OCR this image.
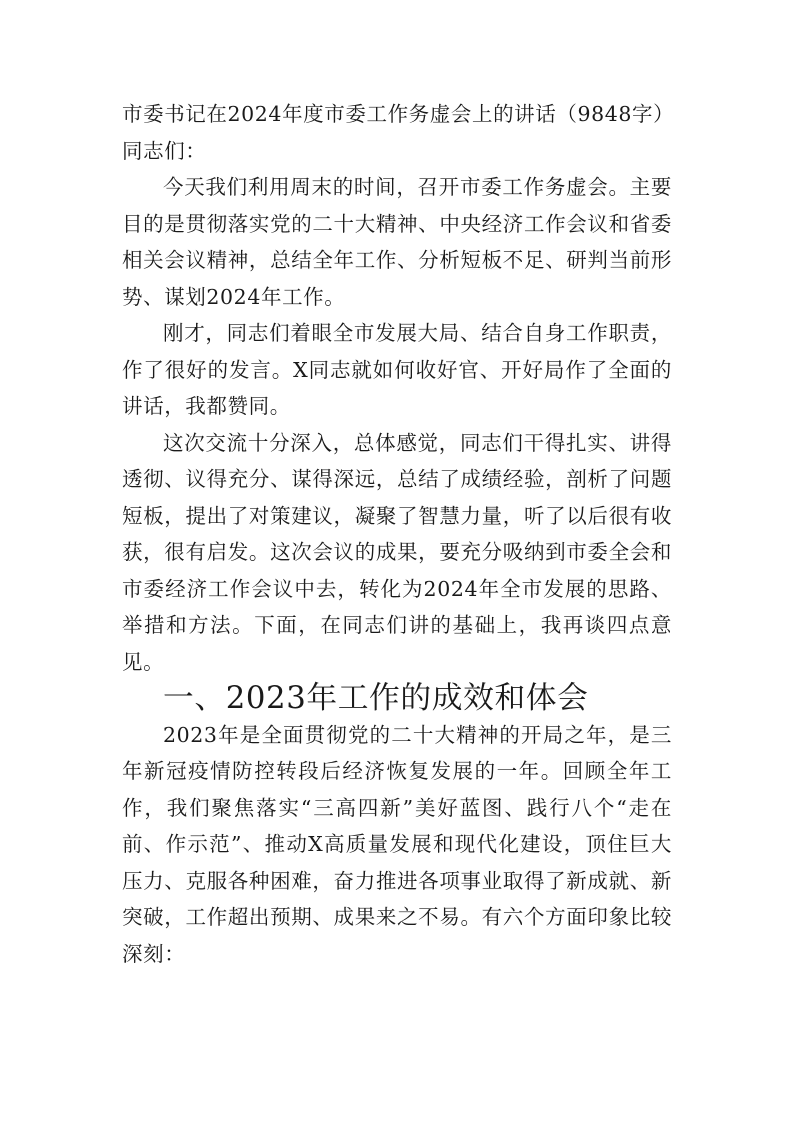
市委书记在2024年度市委工作务虚会上的讲话（9848字）

同志们：

今天我们利用周末的时间，召开市委工作务虚会。主要目的是贯彻落实党的二十大精神、中央经济工作会议和省委相关会议精神，总结全年工作、分析短板不足、研判当前形势、谋划2024年工作。

刚才，同志们着眼全市发展大局、结合自身工作职责，作了很好的发言。X同志就如何收好官、开好局作了全面的讲话，我都赞同。

这次交流十分深入，总体感觉，同志们干得扎实、讲得透彻、议得充分、谋得深远，总结了成绩经验，剖析了问题短板，提出了对策建议，凝聚了智慧力量，听了以后很有收获，很有启发。这次会议的成果，要充分吸纳到市委全会和市委经济工作会议中去，转化为2024年全市发展的思路、举措和方法。下面，在同志们讲的基础上，我再谈四点意见。

一、2023年工作的成效和体会

2023年是全面贯彻党的二十大精神的开局之年，是三年新冠疫情防控转段后经济恢复发展的一年。回顾全年工作，我们聚焦落实“三高四新”美好蓝图、践行八个“走在前、作示范”、推动X高质量发展和现代化建设，顶住巨大压力、克服各种困难，奋力推进各项事业取得了新成就、新突破，工作超出预期、成果来之不易。有六个方面印象比较深刻：
